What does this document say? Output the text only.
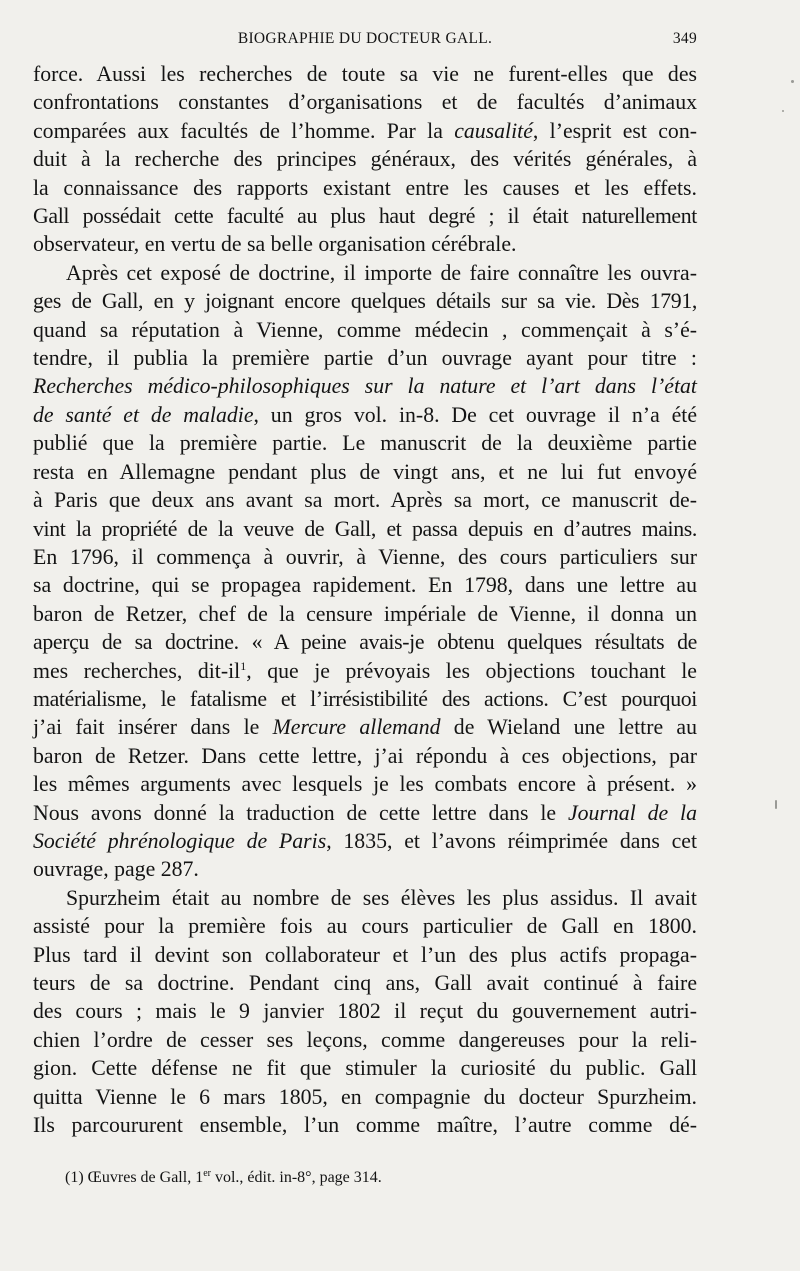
BIOGRAPHIE DU DOCTEUR GALL.	349

force. Aussi les recherches de toute sa vie ne furent-elles que des
confrontations constantes d’organisations et de facultés d’animaux
comparées aux facultés de l’homme. Par la causalité, l’esprit est con-
duit à la recherche des principes généraux, des vérités générales, à
la connaissance des rapports existant entre les causes et les effets.
Gall possédait cette faculté au plus haut degré ; il était naturellement
observateur, en vertu de sa belle organisation cérébrale.

Après cet exposé de doctrine, il importe de faire connaître les ouvra-
ges de Gall, en y joignant encore quelques détails sur sa vie. Dès 1791,
quand sa réputation à Vienne, comme médecin , commençait à s’é-
tendre, il publia la première partie d’un ouvrage ayant pour titre :
Recherches médico-philosophiques sur la nature et l’art dans l’état
de santé et de maladie, un gros vol. in-8. De cet ouvrage il n’a été
publié que la première partie. Le manuscrit de la deuxième partie
resta en Allemagne pendant plus de vingt ans, et ne lui fut envoyé
à Paris que deux ans avant sa mort. Après sa mort, ce manuscrit de-
vint la propriété de la veuve de Gall, et passa depuis en d’autres mains.
En 1796, il commença à ouvrir, à Vienne, des cours particuliers sur
sa doctrine, qui se propagea rapidement. En 1798, dans une lettre au
baron de Retzer, chef de la censure impériale de Vienne, il donna un
aperçu de sa doctrine. « A peine avais-je obtenu quelques résultats de
mes recherches, dit-$il^1$, que je prévoyais les objections touchant le
matérialisme, le fatalisme et l’irrésistibilité des actions. C’est pourquoi
j’ai fait insérer dans le Mercure allemand de Wieland une lettre au
baron de Retzer. Dans cette lettre, j’ai répondu à ces objections, par
les mêmes arguments avec lesquels je les combats encore à présent. »
Nous avons donné la traduction de cette lettre dans le Journal de la
Société phrénologique de Paris, 1835, et l’avons réimprimée dans cet
ouvrage, page 287.

Spurzheim était au nombre de ses élèves les plus assidus. Il avait
assisté pour la première fois au cours particulier de Gall en 1800.
Plus tard il devint son collaborateur et l’un des plus actifs propaga-
teurs de sa doctrine. Pendant cinq ans, Gall avait continué à faire
des cours ; mais le 9 janvier 1802 il reçut du gouvernement autri-
chien l’ordre de cesser ses leçons, comme dangereuses pour la reli-
gion. Cette défense ne fit que stimuler la curiosité du public. Gall
quitta Vienne le 6 mars 1805, en compagnie du docteur Spurzheim.
Ils parcoururent ensemble, l’un comme maître, l’autre comme dé-

(1) Œuvres de Gall, 1er vol., édit. in-8°, page 314.
